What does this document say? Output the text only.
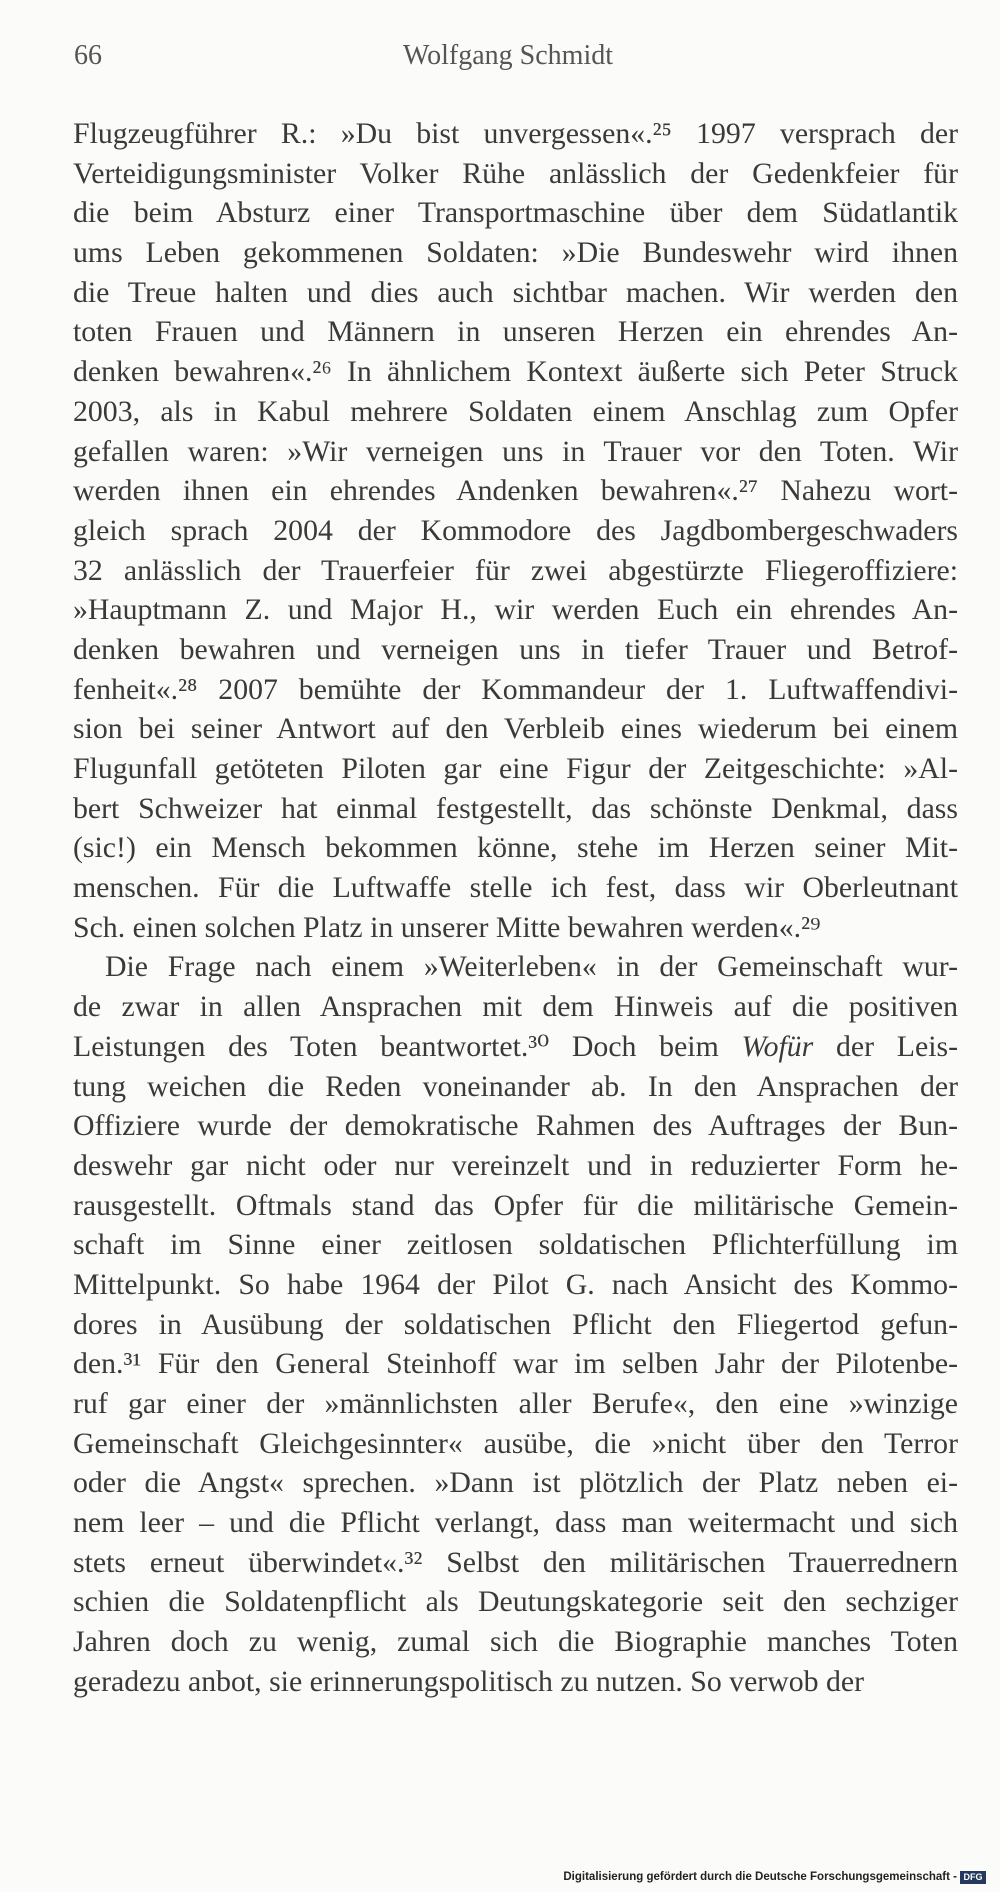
66	Wolfgang Schmidt
Flugzeugführer R.: »Du bist unvergessen«.²⁵ 1997 versprach der
Verteidigungsminister Volker Rühe anlässlich der Gedenkfeier für
die beim Absturz einer Transportmaschine über dem Südatlantik
ums Leben gekommenen Soldaten: »Die Bundeswehr wird ihnen
die Treue halten und dies auch sichtbar machen. Wir werden den
toten Frauen und Männern in unseren Herzen ein ehrendes An-
denken bewahren«.²⁶ In ähnlichem Kontext äußerte sich Peter Struck
2003, als in Kabul mehrere Soldaten einem Anschlag zum Opfer
gefallen waren: »Wir verneigen uns in Trauer vor den Toten. Wir
werden ihnen ein ehrendes Andenken bewahren«.²⁷ Nahezu wort-
gleich sprach 2004 der Kommodore des Jagdbombergeschwaders
32 anlässlich der Trauerfeier für zwei abgestürzte Fliegeroffiziere:
»Hauptmann Z. und Major H., wir werden Euch ein ehrendes An-
denken bewahren und verneigen uns in tiefer Trauer und Betrof-
fenheit«.²⁸ 2007 bemühte der Kommandeur der 1. Luftwaffendivi-
sion bei seiner Antwort auf den Verbleib eines wiederum bei einem
Flugunfall getöteten Piloten gar eine Figur der Zeitgeschichte: »Al-
bert Schweizer hat einmal festgestellt, das schönste Denkmal, dass
(sic!) ein Mensch bekommen könne, stehe im Herzen seiner Mit-
menschen. Für die Luftwaffe stelle ich fest, dass wir Oberleutnant
Sch. einen solchen Platz in unserer Mitte bewahren werden«.²⁹
Die Frage nach einem »Weiterleben« in der Gemeinschaft wur-
de zwar in allen Ansprachen mit dem Hinweis auf die positiven
Leistungen des Toten beantwortet.³⁰ Doch beim Wofür der Leis-
tung weichen die Reden voneinander ab. In den Ansprachen der
Offiziere wurde der demokratische Rahmen des Auftrages der Bun-
deswehr gar nicht oder nur vereinzelt und in reduzierter Form he-
rausgestellt. Oftmals stand das Opfer für die militärische Gemein-
schaft im Sinne einer zeitlosen soldatischen Pflichterfüllung im
Mittelpunkt. So habe 1964 der Pilot G. nach Ansicht des Kommo-
dores in Ausübung der soldatischen Pflicht den Fliegertod gefun-
den.³¹ Für den General Steinhoff war im selben Jahr der Pilotenbe-
ruf gar einer der »männlichsten aller Berufe«, den eine »winzige
Gemeinschaft Gleichgesinnter« ausübe, die »nicht über den Terror
oder die Angst« sprechen. »Dann ist plötzlich der Platz neben ei-
nem leer – und die Pflicht verlangt, dass man weitermacht und sich
stets erneut überwindet«.³² Selbst den militärischen Trauerrednern
schien die Soldatenpflicht als Deutungskategorie seit den sechziger
Jahren doch zu wenig, zumal sich die Biographie manches Toten
geradezu anbot, sie erinnerungspolitisch zu nutzen. So verwob der
Digitalisierung gefördert durch die Deutsche Forschungsgemeinschaft - DFG
